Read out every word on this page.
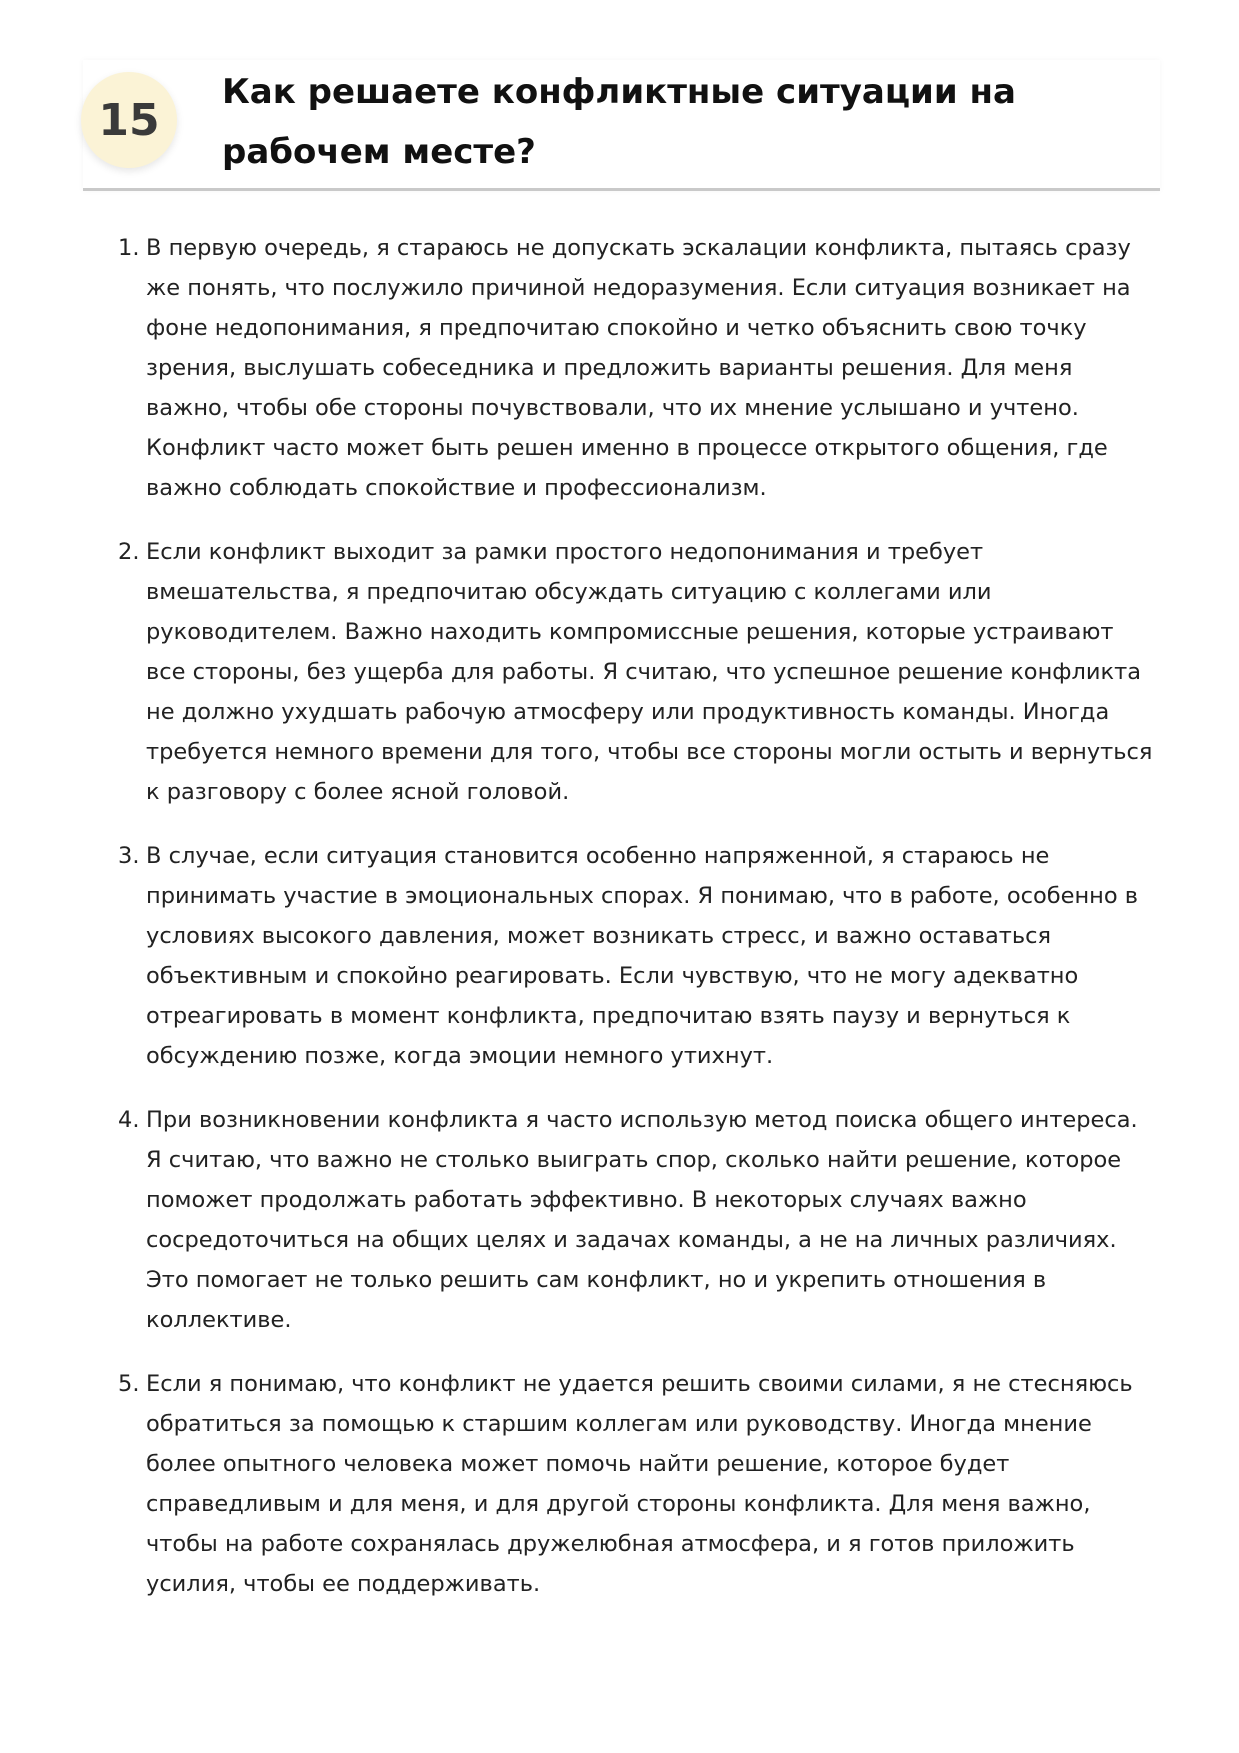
15
Как решаете конфликтные ситуации на рабочем месте?
1. В первую очередь, я стараюсь не допускать эскалации конфликта, пытаясь сразу же понять, что послужило причиной недоразумения. Если ситуация возникает на фоне недопонимания, я предпочитаю спокойно и четко объяснить свою точку зрения, выслушать собеседника и предложить варианты решения. Для меня важно, чтобы обе стороны почувствовали, что их мнение услышано и учтено. Конфликт часто может быть решен именно в процессе открытого общения, где важно соблюдать спокойствие и профессионализм.
2. Если конфликт выходит за рамки простого недопонимания и требует вмешательства, я предпочитаю обсуждать ситуацию с коллегами или руководителем. Важно находить компромиссные решения, которые устраивают все стороны, без ущерба для работы. Я считаю, что успешное решение конфликта не должно ухудшать рабочую атмосферу или продуктивность команды. Иногда требуется немного времени для того, чтобы все стороны могли остыть и вернуться к разговору с более ясной головой.
3. В случае, если ситуация становится особенно напряженной, я стараюсь не принимать участие в эмоциональных спорах. Я понимаю, что в работе, особенно в условиях высокого давления, может возникать стресс, и важно оставаться объективным и спокойно реагировать. Если чувствую, что не могу адекватно отреагировать в момент конфликта, предпочитаю взять паузу и вернуться к обсуждению позже, когда эмоции немного утихнут.
4. При возникновении конфликта я часто использую метод поиска общего интереса. Я считаю, что важно не столько выиграть спор, сколько найти решение, которое поможет продолжать работать эффективно. В некоторых случаях важно сосредоточиться на общих целях и задачах команды, а не на личных различиях. Это помогает не только решить сам конфликт, но и укрепить отношения в коллективе.
5. Если я понимаю, что конфликт не удается решить своими силами, я не стесняюсь обратиться за помощью к старшим коллегам или руководству. Иногда мнение более опытного человека может помочь найти решение, которое будет справедливым и для меня, и для другой стороны конфликта. Для меня важно, чтобы на работе сохранялась дружелюбная атмосфера, и я готов приложить усилия, чтобы ее поддерживать.
